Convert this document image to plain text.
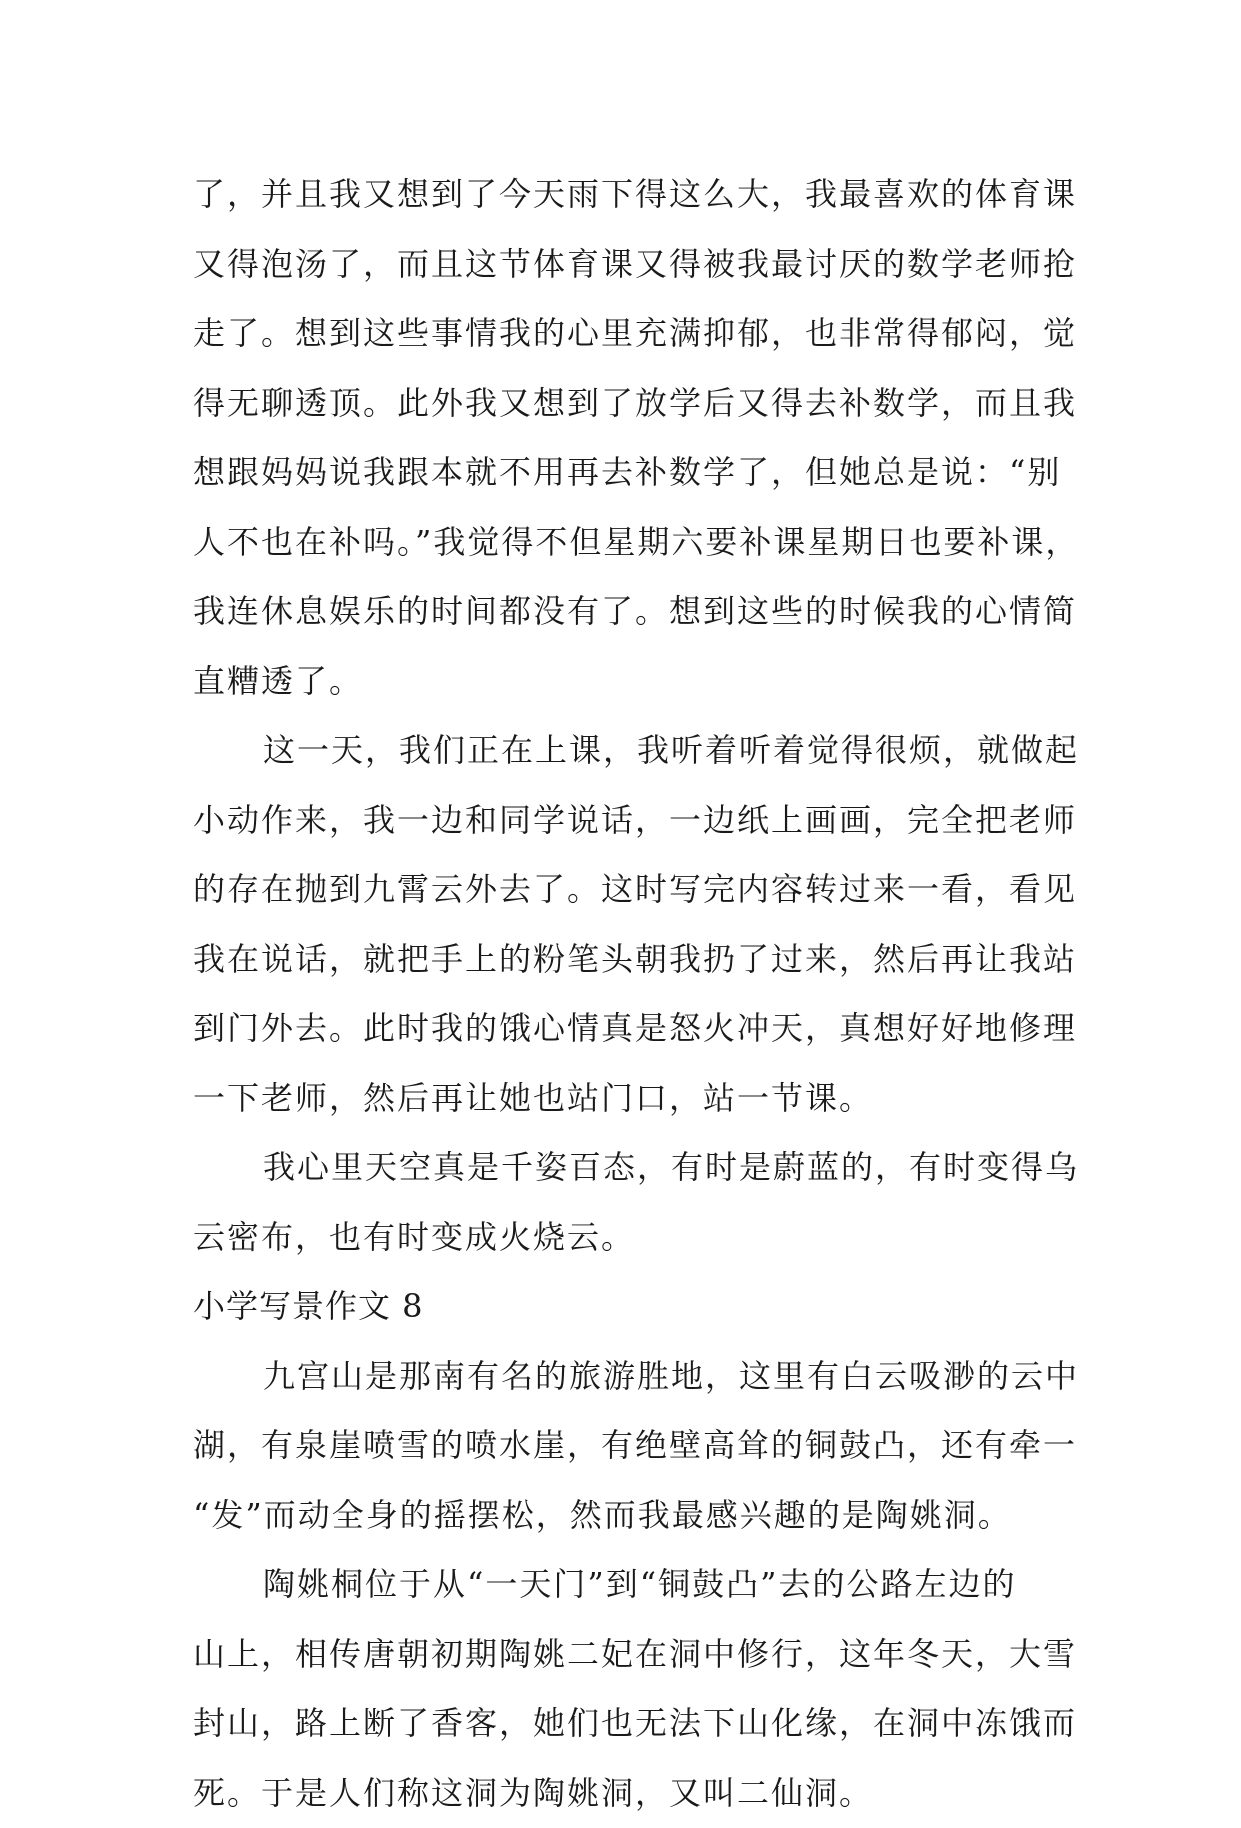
了，并且我又想到了今天雨下得这么大，我最喜欢的体育课
又得泡汤了，而且这节体育课又得被我最讨厌的数学老师抢
走了。想到这些事情我的心里充满抑郁，也非常得郁闷，觉
得无聊透顶。此外我又想到了放学后又得去补数学，而且我
想跟妈妈说我跟本就不用再去补数学了，但她总是说：“别
人不也在补吗。”我觉得不但星期六要补课星期日也要补课，
我连休息娱乐的时间都没有了。想到这些的时候我的心情简
直糟透了。
这一天，我们正在上课，我听着听着觉得很烦，就做起
小动作来，我一边和同学说话，一边纸上画画，完全把老师
的存在抛到九霄云外去了。这时写完内容转过来一看，看见
我在说话，就把手上的粉笔头朝我扔了过来，然后再让我站
到门外去。此时我的饿心情真是怒火冲天，真想好好地修理
一下老师，然后再让她也站门口，站一节课。
我心里天空真是千姿百态，有时是蔚蓝的，有时变得乌
云密布，也有时变成火烧云。
小学写景作文 8
九宫山是那南有名的旅游胜地，这里有白云吸渺的云中
湖，有泉崖喷雪的喷水崖，有绝壁高耸的铜鼓凸，还有牵一
“发”而动全身的摇摆松，然而我最感兴趣的是陶姚洞。
陶姚桐位于从“一天门”到“铜鼓凸”去的公路左边的
山上，相传唐朝初期陶姚二妃在洞中修行，这年冬天，大雪
封山，路上断了香客，她们也无法下山化缘，在洞中冻饿而
死。于是人们称这洞为陶姚洞，又叫二仙洞。
